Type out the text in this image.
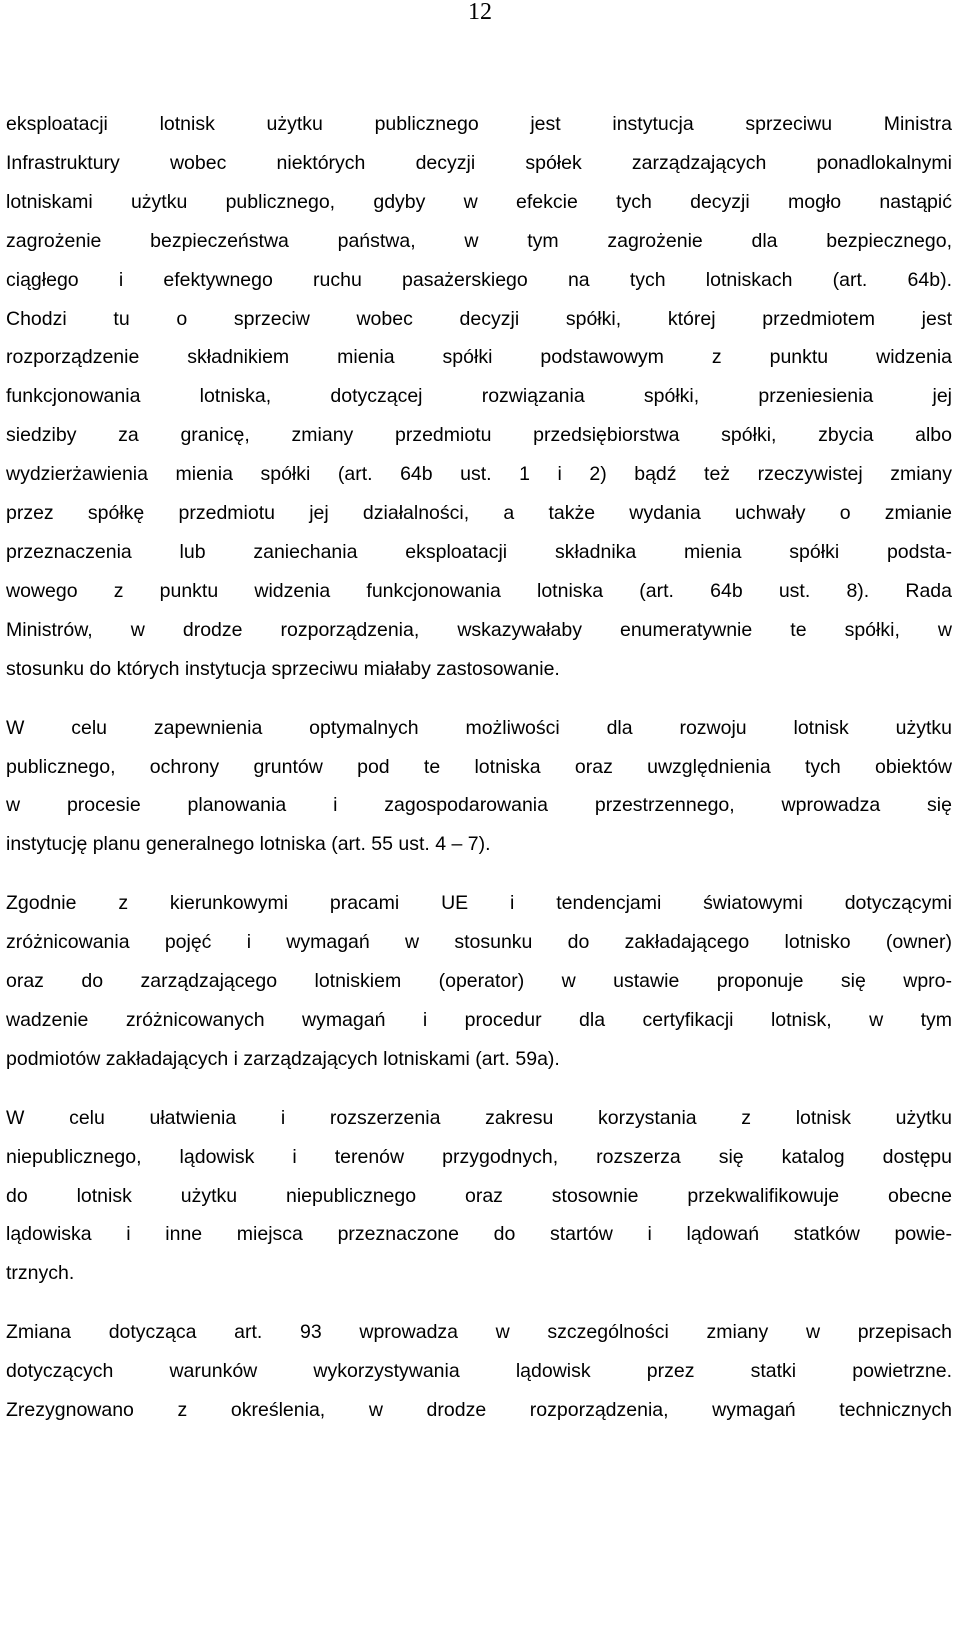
12
eksploatacji lotnisk użytku publicznego jest instytucja sprzeciwu Ministra
Infrastruktury wobec niektórych decyzji spółek zarządzających ponadlokalnymi
lotniskami użytku publicznego, gdyby w efekcie tych decyzji mogło nastąpić
zagrożenie bezpieczeństwa państwa, w tym zagrożenie dla bezpiecznego,
ciągłego i efektywnego ruchu pasażerskiego na tych lotniskach (art. 64b).
Chodzi tu o sprzeciw wobec decyzji spółki, której przedmiotem jest
rozporządzenie składnikiem mienia spółki podstawowym z punktu widzenia
funkcjonowania lotniska, dotyczącej rozwiązania spółki, przeniesienia jej
siedziby za granicę, zmiany przedmiotu przedsiębiorstwa spółki, zbycia albo
wydzierżawienia mienia spółki (art. 64b ust. 1 i 2) bądź też rzeczywistej zmiany
przez spółkę przedmiotu jej działalności, a także wydania uchwały o zmianie
przeznaczenia lub zaniechania eksploatacji składnika mienia spółki podsta-
wowego z punktu widzenia funkcjonowania lotniska (art. 64b ust. 8). Rada
Ministrów, w drodze rozporządzenia, wskazywałaby enumeratywnie te spółki, w
stosunku do których instytucja sprzeciwu miałaby zastosowanie.
W celu zapewnienia optymalnych możliwości dla rozwoju lotnisk użytku
publicznego, ochrony gruntów pod te lotniska oraz uwzględnienia tych obiektów
w procesie planowania i zagospodarowania przestrzennego, wprowadza się
instytucję planu generalnego lotniska (art. 55 ust. 4 – 7).
Zgodnie z kierunkowymi pracami UE i tendencjami światowymi dotyczącymi
zróżnicowania pojęć i wymagań w stosunku do zakładającego lotnisko (owner)
oraz do zarządzającego lotniskiem (operator) w ustawie proponuje się wpro-
wadzenie zróżnicowanych wymagań i procedur dla certyfikacji lotnisk, w tym
podmiotów zakładających i zarządzających lotniskami (art. 59a).
W celu ułatwienia i rozszerzenia zakresu korzystania z lotnisk użytku
niepublicznego, lądowisk i terenów przygodnych, rozszerza się katalog dostępu
do lotnisk użytku niepublicznego oraz stosownie przekwalifikowuje obecne
lądowiska i inne miejsca przeznaczone do startów i lądowań statków powie-
trznych.
Zmiana dotycząca art. 93 wprowadza w szczególności zmiany w przepisach
dotyczących warunków wykorzystywania lądowisk przez statki powietrzne.
Zrezygnowano z określenia, w drodze rozporządzenia, wymagań technicznych
